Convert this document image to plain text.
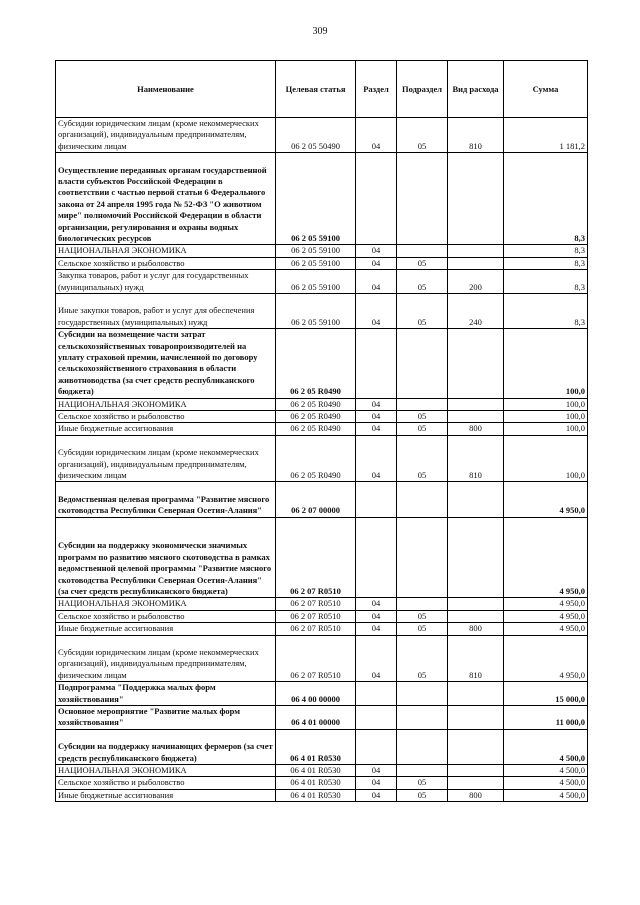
309
Наименование	Целевая статья	Раздел	Подраздел	Вид расхода	Сумма
Субсидии юридическим лицам (кроме некоммерческих организаций), индивидуальным предпринимателям, физическим лицам	06 2 05 50490	04	05	810	1 181,2
Осуществление переданных органам государственной власти субъектов Российской Федерации в соответствии с частью первой статьи 6 Федерального закона от 24 апреля 1995 года № 52-ФЗ "О животном мире" полномочий Российской Федерации в области организации, регулирования и охраны водных биологических ресурсов	06 2 05 59100				8,3
НАЦИОНАЛЬНАЯ ЭКОНОМИКА	06 2 05 59100	04			8,3
Сельское хозяйство и рыболовство	06 2 05 59100	04	05		8,3
Закупка товаров, работ и услуг для государственных (муниципальных) нужд	06 2 05 59100	04	05	200	8,3
Иные закупки товаров, работ и услуг для обеспечения государственных (муниципальных) нужд	06 2 05 59100	04	05	240	8,3
Субсидии на возмещение части затрат сельскохозяйственных товаропроизводителей на уплату страховой премии, начисленной по договору сельскохозяйственного страхования в области животноводства (за счет средств республиканского бюджета)	06 2 05 R0490				100,0
НАЦИОНАЛЬНАЯ ЭКОНОМИКА	06 2 05 R0490	04			100,0
Сельское хозяйство и рыболовство	06 2 05 R0490	04	05		100,0
Иные бюджетные ассигнования	06 2 05 R0490	04	05	800	100,0
Субсидии юридическим лицам (кроме некоммерческих организаций), индивидуальным предпринимателям, физическим лицам	06 2 05 R0490	04	05	810	100,0
Ведомственная целевая программа "Развитие мясного скотоводства Республики Северная Осетия-Алания"	06 2 07 00000				4 950,0
Субсидии на поддержку экономически значимых программ по развитию мясного скотоводства в рамках ведомственной целевой программы "Развитие мясного скотоводства Республики Северная Осетия-Алания" (за счет средств республиканского бюджета)	06 2 07 R0510				4 950,0
НАЦИОНАЛЬНАЯ ЭКОНОМИКА	06 2 07 R0510	04			4 950,0
Сельское хозяйство и рыболовство	06 2 07 R0510	04	05		4 950,0
Иные бюджетные ассигнования	06 2 07 R0510	04	05	800	4 950,0
Субсидии юридическим лицам (кроме некоммерческих организаций), индивидуальным предпринимателям, физическим лицам	06 2 07 R0510	04	05	810	4 950,0
Подпрограмма "Поддержка малых форм хозяйствования"	06 4 00 00000				15 000,0
Основное мероприятие "Развитие малых форм хозяйствования"	06 4 01 00000				11 000,0
Субсидии на поддержку начинающих фермеров (за счет средств республиканского бюджета)	06 4 01 R0530				4 500,0
НАЦИОНАЛЬНАЯ ЭКОНОМИКА	06 4 01 R0530	04			4 500,0
Сельское хозяйство и рыболовство	06 4 01 R0530	04	05		4 500,0
Иные бюджетные ассигнования	06 4 01 R0530	04	05	800	4 500,0
